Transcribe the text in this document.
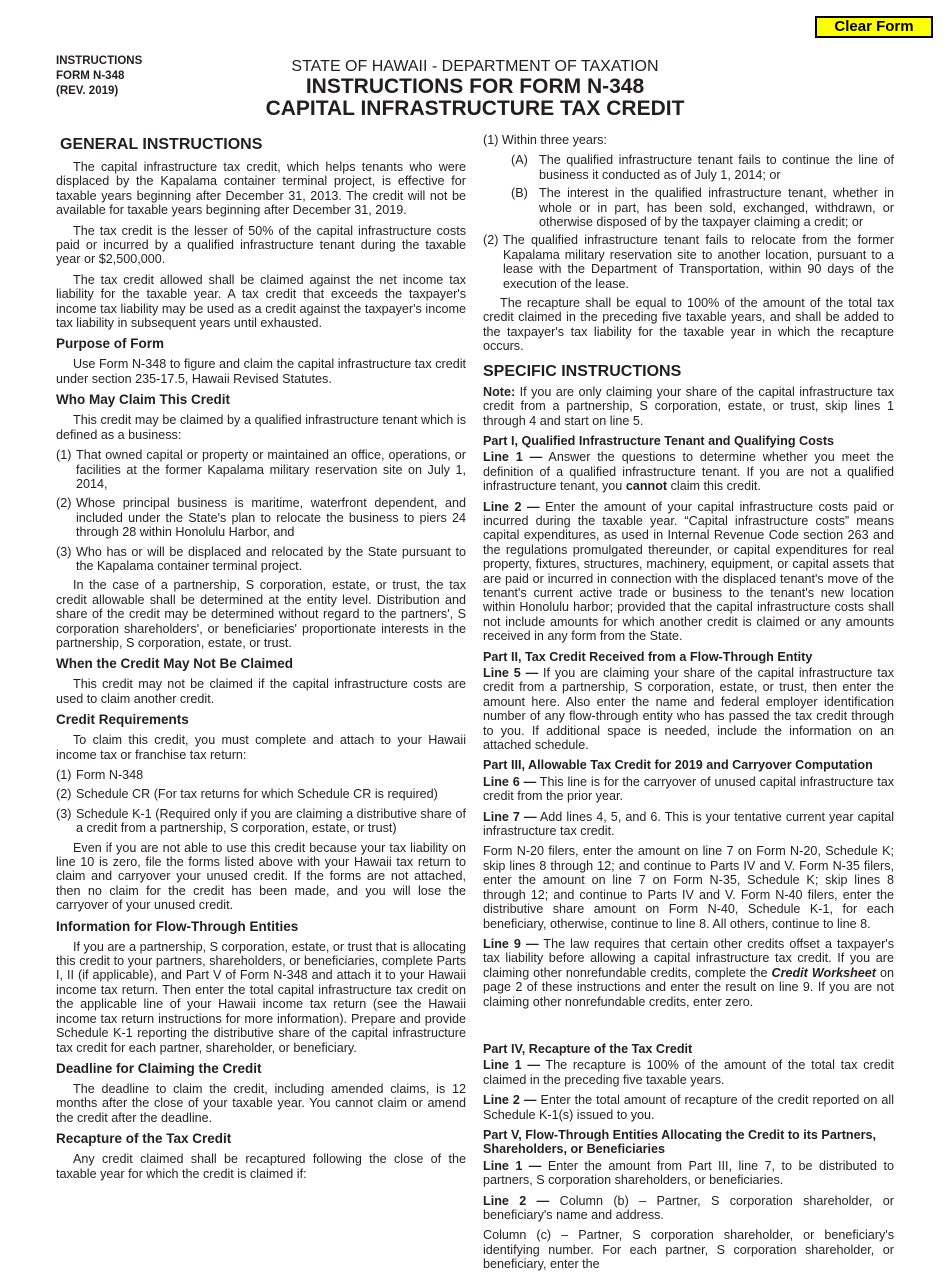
Clear Form
INSTRUCTIONS
FORM N-348
(REV. 2019)
STATE OF HAWAII - DEPARTMENT OF TAXATION
INSTRUCTIONS FOR FORM N-348
CAPITAL INFRASTRUCTURE TAX CREDIT
GENERAL INSTRUCTIONS

The capital infrastructure tax credit, which helps tenants who were displaced by the Kapalama container terminal project, is effective for taxable years beginning after December 31, 2013. The credit will not be available for taxable years beginning after December 31, 2019.

The tax credit is the lesser of 50% of the capital infrastructure costs paid or incurred by a qualified infrastructure tenant during the taxable year or $2,500,000.

The tax credit allowed shall be claimed against the net income tax liability for the taxable year. A tax credit that exceeds the taxpayer's income tax liability may be used as a credit against the taxpayer's income tax liability in subsequent years until exhausted.

Purpose of Form

Use Form N-348 to figure and claim the capital infrastructure tax credit under section 235-17.5, Hawaii Revised Statutes.

Who May Claim This Credit

This credit may be claimed by a qualified infrastructure tenant which is defined as a business:

(1) That owned capital or property or maintained an office, operations, or facilities at the former Kapalama military reservation site on July 1, 2014,
(2) Whose principal business is maritime, waterfront dependent, and included under the State's plan to relocate the business to piers 24 through 28 within Honolulu Harbor, and
(3) Who has or will be displaced and relocated by the State pursuant to the Kapalama container terminal project.

In the case of a partnership, S corporation, estate, or trust, the tax credit allowable shall be determined at the entity level. Distribution and share of the credit may be determined without regard to the partners', S corporation shareholders', or beneficiaries' proportionate interests in the partnership, S corporation, estate, or trust.

When the Credit May Not Be Claimed

This credit may not be claimed if the capital infrastructure costs are used to claim another credit.

Credit Requirements

To claim this credit, you must complete and attach to your Hawaii income tax or franchise tax return:

(1) Form N-348
(2) Schedule CR (For tax returns for which Schedule CR is required)
(3) Schedule K-1 (Required only if you are claiming a distributive share of a credit from a partnership, S corporation, estate, or trust)

Even if you are not able to use this credit because your tax liability on line 10 is zero, file the forms listed above with your Hawaii tax return to claim and carryover your unused credit. If the forms are not attached, then no claim for the credit has been made, and you will lose the carryover of your unused credit.

Information for Flow-Through Entities

If you are a partnership, S corporation, estate, or trust that is allocating this credit to your partners, shareholders, or beneficiaries, complete Parts I, II (if applicable), and Part V of Form N-348 and attach it to your Hawaii income tax return. Then enter the total capital infrastructure tax credit on the applicable line of your Hawaii income tax return (see the Hawaii income tax return instructions for more information). Prepare and provide Schedule K-1 reporting the distributive share of the capital infrastructure tax credit for each partner, shareholder, or beneficiary.

Deadline for Claiming the Credit

The deadline to claim the credit, including amended claims, is 12 months after the close of your taxable year. You cannot claim or amend the credit after the deadline.

Recapture of the Tax Credit

Any credit claimed shall be recaptured following the close of the taxable year for which the credit is claimed if:

(1) Within three years:

(A) The qualified infrastructure tenant fails to continue the line of business it conducted as of July 1, 2014; or
(B) The interest in the qualified infrastructure tenant, whether in whole or in part, has been sold, exchanged, withdrawn, or otherwise disposed of by the taxpayer claiming a credit; or
(2) The qualified infrastructure tenant fails to relocate from the former Kapalama military reservation site to another location, pursuant to a lease with the Department of Transportation, within 90 days of the execution of the lease.

The recapture shall be equal to 100% of the amount of the total tax credit claimed in the preceding five taxable years, and shall be added to the taxpayer's tax liability for the taxable year in which the recapture occurs.

SPECIFIC INSTRUCTIONS

Note: If you are only claiming your share of the capital infrastructure tax credit from a partnership, S corporation, estate, or trust, skip lines 1 through 4 and start on line 5.

Part I, Qualified Infrastructure Tenant and Qualifying Costs

Line 1 — Answer the questions to determine whether you meet the definition of a qualified infrastructure tenant. If you are not a qualified infrastructure tenant, you cannot claim this credit.

Line 2 — Enter the amount of your capital infrastructure costs paid or incurred during the taxable year. “Capital infrastructure costs” means capital expenditures, as used in Internal Revenue Code section 263 and the regulations promulgated thereunder, or capital expenditures for real property, fixtures, structures, machinery, equipment, or capital assets that are paid or incurred in connection with the displaced tenant's move of the tenant's current active trade or business to the tenant's new location within Honolulu harbor; provided that the capital infrastructure costs shall not include amounts for which another credit is claimed or any amounts received in any form from the State.

Part II, Tax Credit Received from a Flow-Through Entity

Line 5 — If you are claiming your share of the capital infrastructure tax credit from a partnership, S corporation, estate, or trust, then enter the amount here. Also enter the name and federal employer identification number of any flow-through entity who has passed the tax credit through to you. If additional space is needed, include the information on an attached schedule.

Part III, Allowable Tax Credit for 2019 and Carryover Computation

Line 6 — This line is for the carryover of unused capital infrastructure tax credit from the prior year.

Line 7 — Add lines 4, 5, and 6. This is your tentative current year capital infrastructure tax credit.

Form N-20 filers, enter the amount on line 7 on Form N-20, Schedule K; skip lines 8 through 12; and continue to Parts IV and V. Form N-35 filers, enter the amount on line 7 on Form N-35, Schedule K; skip lines 8 through 12; and continue to Parts IV and V. Form N-40 filers, enter the distributive share amount on Form N-40, Schedule K-1, for each beneficiary, otherwise, continue to line 8. All others, continue to line 8.

Line 9 — The law requires that certain other credits offset a taxpayer's tax liability before allowing a capital infrastructure tax credit. If you are claiming other nonrefundable credits, complete the Credit Worksheet on page 2 of these instructions and enter the result on line 9. If you are not claiming other nonrefundable credits, enter zero.

Part IV, Recapture of the Tax Credit

Line 1 — The recapture is 100% of the amount of the total tax credit claimed in the preceding five taxable years.

Line 2 — Enter the total amount of recapture of the credit reported on all Schedule K-1(s) issued to you.

Part V, Flow-Through Entities Allocating the Credit to its Partners, Shareholders, or Beneficiaries

Line 1 — Enter the amount from Part III, line 7, to be distributed to partners, S corporation shareholders, or beneficiaries.

Line 2 — Column (b) – Partner, S corporation shareholder, or beneficiary's name and address.

Column (c) – Partner, S corporation shareholder, or beneficiary's identifying number. For each partner, S corporation shareholder, or beneficiary, enter the
